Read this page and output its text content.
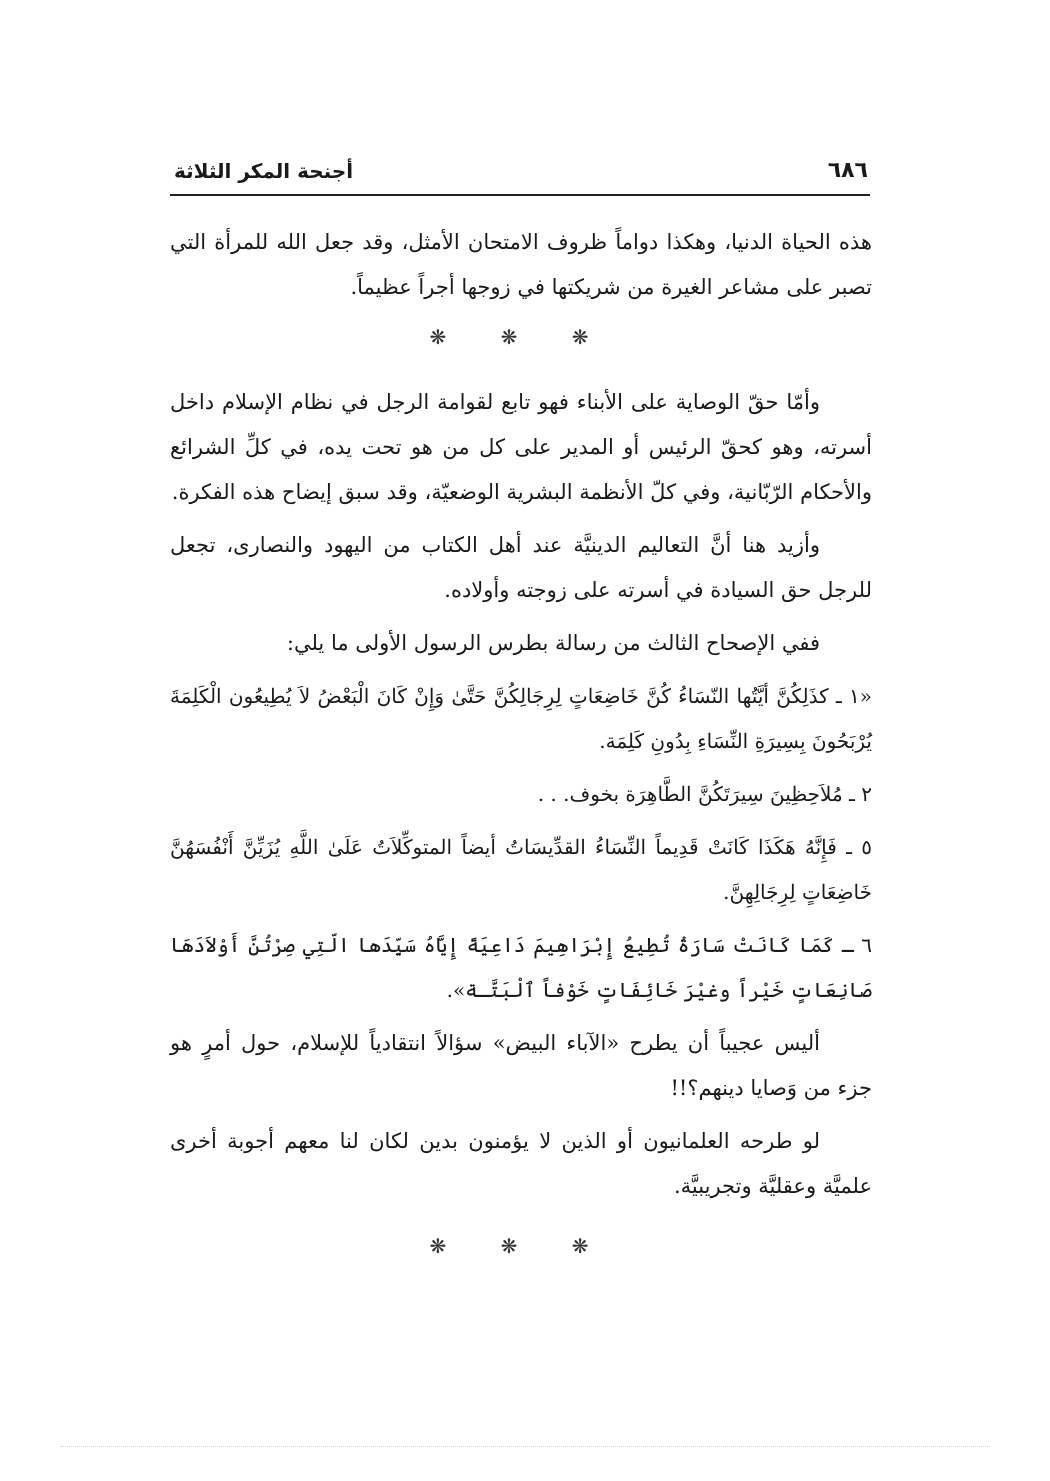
٦٨٦
أجنحة المكر الثلاثة

هذه الحياة الدنيا، وهكذا دواماً ظروف الامتحان الأمثل، وقد جعل الله للمرأة التي تصبر على مشاعر الغيرة من شريكتها في زوجها أجراً عظيماً.

❋ ❋ ❋

وأمّا حقّ الوصاية على الأبناء فهو تابع لقوامة الرجل في نظام الإسلام داخل أسرته، وهو كحقّ الرئيس أو المدير على كل من هو تحت يده، في كلِّ الشرائع والأحكام الرّبّانية، وفي كلّ الأنظمة البشرية الوضعيّة، وقد سبق إيضاح هذه الفكرة.

وأزيد هنا أنَّ التعاليم الدينيَّة عند أهل الكتاب من اليهود والنصارى، تجعل للرجل حق السيادة في أسرته على زوجته وأولاده.

ففي الإصحاح الثالث من رسالة بطرس الرسول الأولى ما يلي:

«١ ـ كذَلِكُنَّ أيَّتُها النّسَاءُ كُنَّ خَاضِعَاتٍ لِرِجَالِكُنَّ حَتَّىٰ وَإِنْ كَانَ الْبَعْضُ لاَ يُطِيعُون الْكَلِمَةَ يُرْبَحُونَ بِسِيرَةِ النِّسَاءِ بِدُونِ كَلِمَة.

٢ ـ مُلاَحِظِينَ سِيرَتَكُنَّ الطَّاهِرَة بخوف. . .

٥ ـ فَإِنَّهُ هَكَذَا كَانَتْ قَدِيماً النِّسَاءُ القدِّيسَاتُ أيضاً المتوكِّلاَتُ عَلَىٰ اللَّهِ يُزَيِّنَّ أَنْفُسَهُنَّ خَاضِعَاتٍ لِرِجَالِهِنَّ.

٦ ـ كَمَا كَانَتْ سَارَةُ تُطِيعُ إِبْرَاهِيمَ دَاعِيَةً إِيَّاهُ سَيِّدَها الّتِي صِرْتُنَّ أَوْلاَدَهَا صَانِعَاتٍ خَيْراً وغيْرَ خَائِفَاتٍ خَوْفاً ٱلْبَتَّـة».

أليس عجيباً أن يطرح «الآباء البيض» سؤالاً انتقادياً للإسلام، حول أمرٍ هو جزء من وَصايا دينهم؟!!

لو طرحه العلمانيون أو الذين لا يؤمنون بدين لكان لنا معهم أجوبة أخرى علميَّة وعقليَّة وتجريبيَّة.

❋ ❋ ❋
